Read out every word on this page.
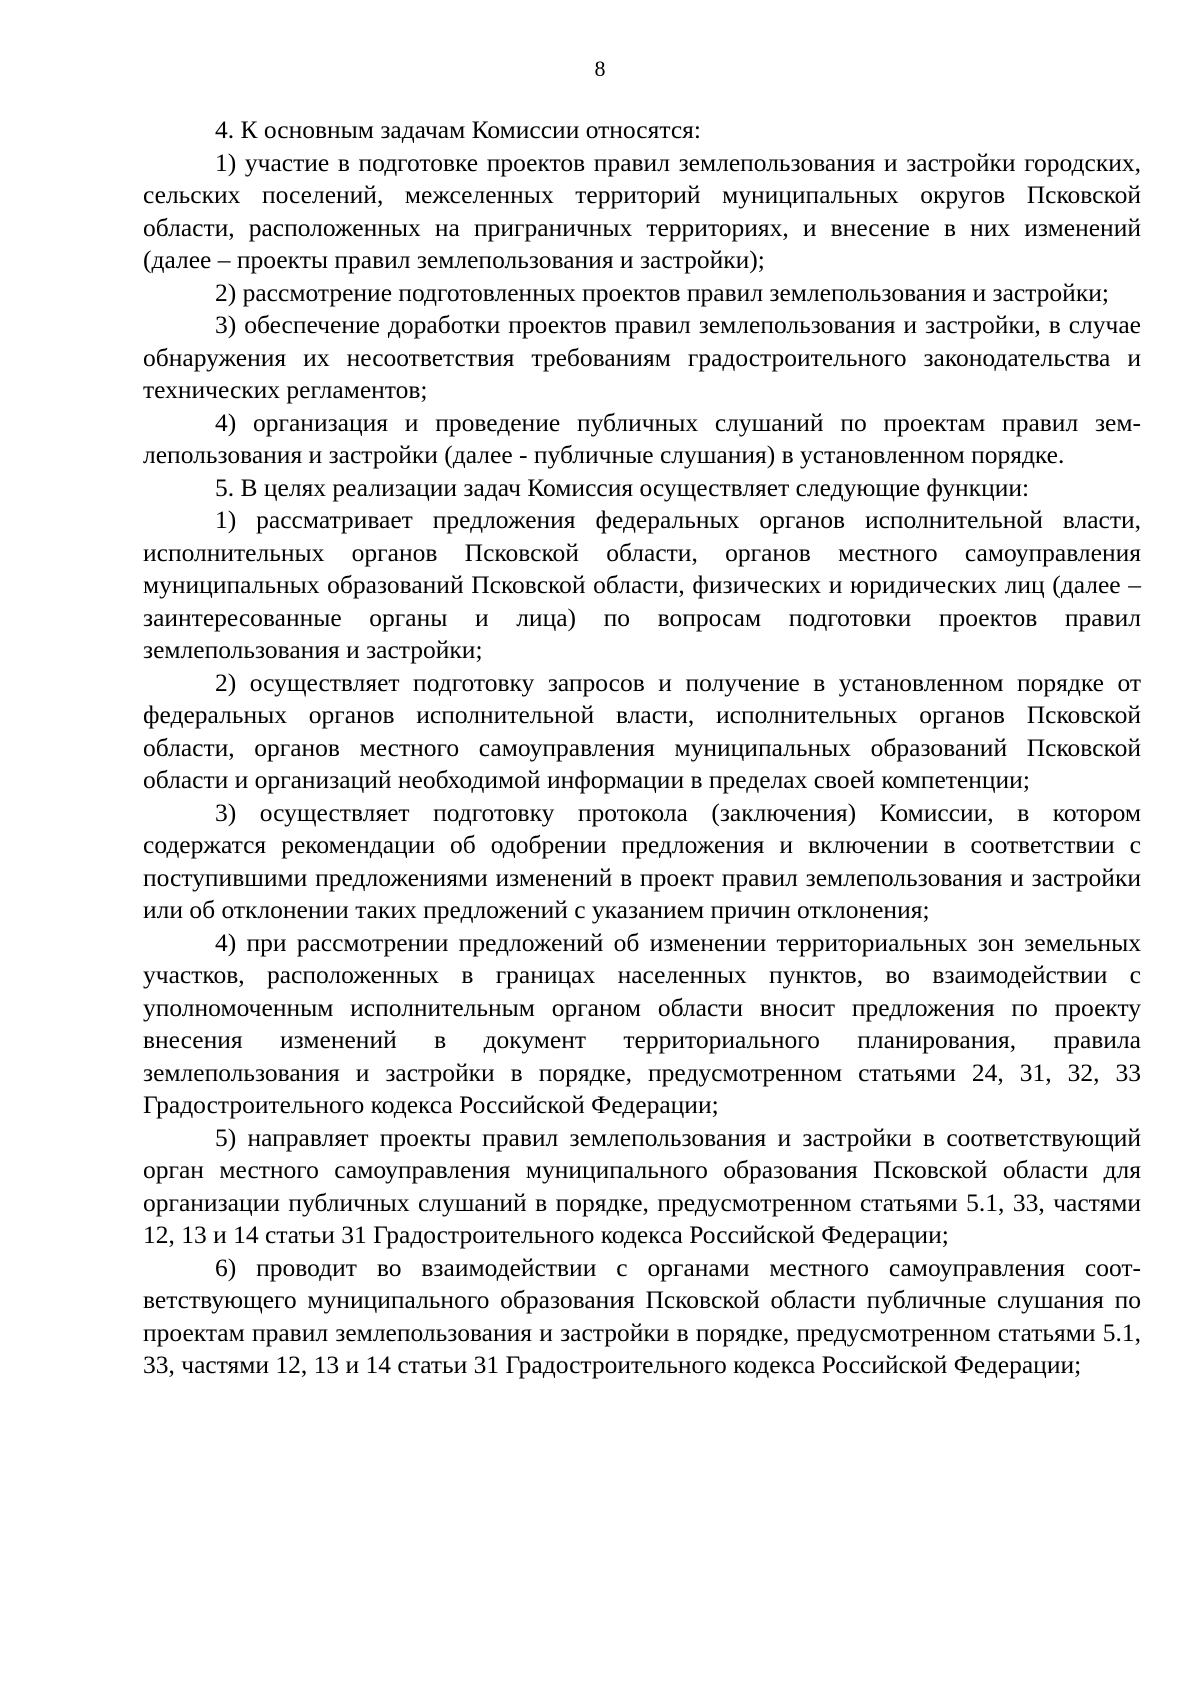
8

4. К основным задачам Комиссии относятся:

1) участие в подготовке проектов правил землепользования и застройки городских, сельских поселений, межселенных территорий муниципальных округов Псковской области, расположенных на приграничных территориях, и внесение в них изменений (далее – проекты правил землепользования и застройки);

2) рассмотрение подготовленных проектов правил землепользования и застройки;

3) обеспечение доработки проектов правил землепользования и застройки, в случае обнаружения их несоответствия требованиям градостроительного законодательства и технических регламентов;

4) организация и проведение публичных слушаний по проектам правил землепользования и застройки (далее - публичные слушания) в установленном порядке.

5. В целях реализации задач Комиссия осуществляет следующие функции:

1) рассматривает предложения федеральных органов исполнительной власти, исполнительных органов Псковской области, органов местного самоуправления муниципальных образований Псковской области, физических и юридических лиц (далее – заинтересованные органы и лица) по вопросам подготовки проектов правил землепользования и застройки;

2) осуществляет подготовку запросов и получение в установленном порядке от федеральных органов исполнительной власти, исполнительных органов Псковской области, органов местного самоуправления муниципальных образований Псковской области и организаций необходимой информации в пределах своей компетенции;

3) осуществляет подготовку протокола (заключения) Комиссии, в котором содержатся рекомендации об одобрении предложения и включении в соответствии с поступившими предложениями изменений в проект правил землепользования и застройки или об отклонении таких предложений с указанием причин отклонения;

4) при рассмотрении предложений об изменении территориальных зон земельных участков, расположенных в границах населенных пунктов, во взаимодействии с уполномоченным исполнительным органом области вносит предложения по проекту внесения изменений в документ территориального планирования, правила землепользования и застройки в порядке, предусмотренном статьями 24, 31, 32, 33 Градостроительного кодекса Российской Федерации;

5) направляет проекты правил землепользования и застройки в соответствующий орган местного самоуправления муниципального образования Псковской области для организации публичных слушаний в порядке, предусмотренном статьями 5.1, 33, частями 12, 13 и 14 статьи 31 Градостроительного кодекса Российской Федерации;

6) проводит во взаимодействии с органами местного самоуправления соответствующего муниципального образования Псковской области публичные слушания по проектам правил землепользования и застройки в порядке, предусмотренном статьями 5.1, 33, частями 12, 13 и 14 статьи 31 Градостроительного кодекса Российской Федерации;
